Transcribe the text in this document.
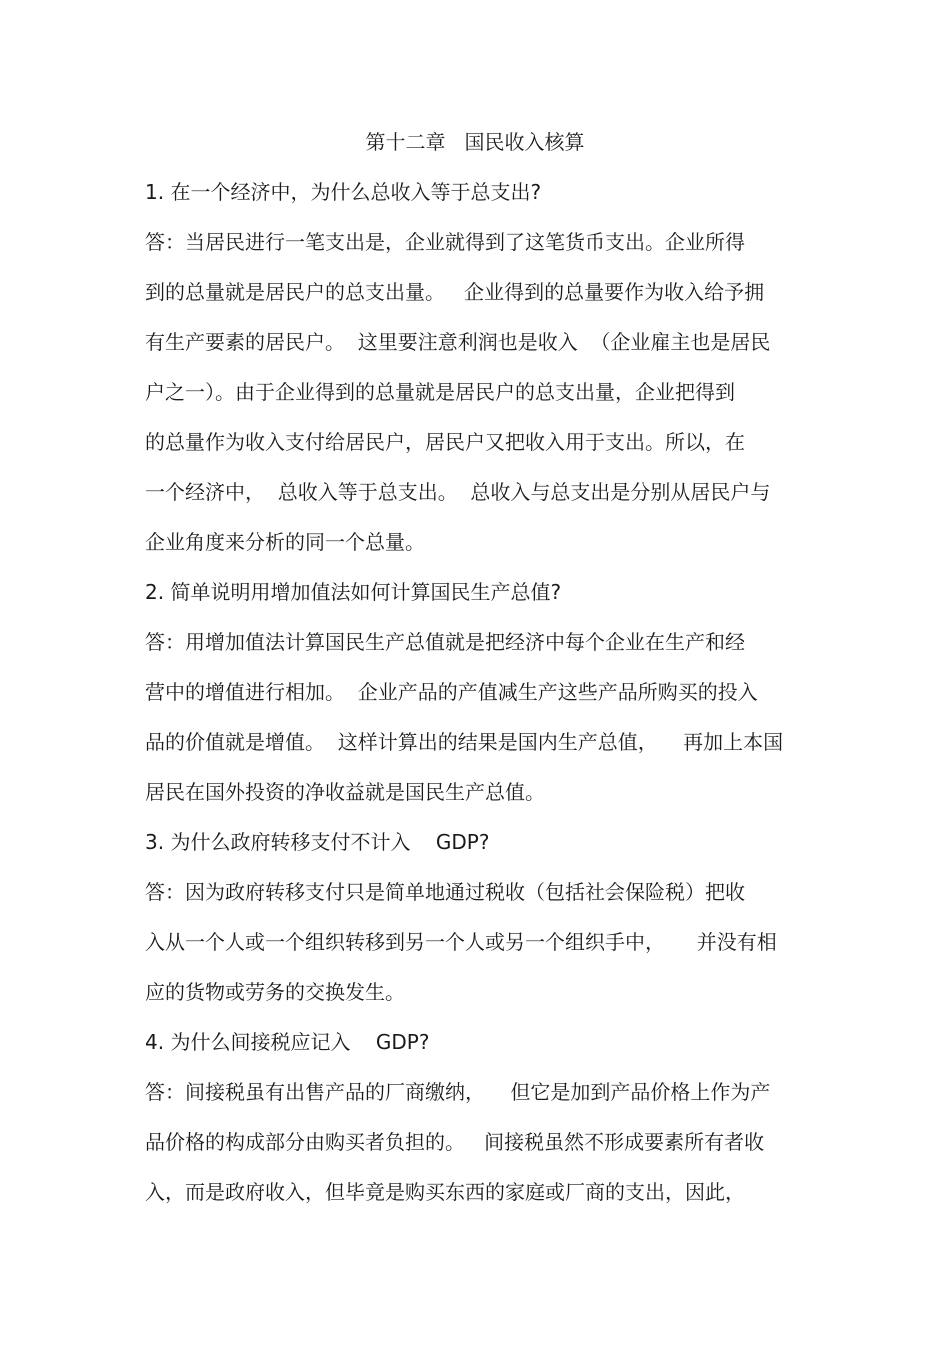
第十二章   国民收入核算
1. 在一个经济中，为什么总收入等于总支出?
答：当居民进行一笔支出是，企业就得到了这笔货币支出。企业所得
到的总量就是居民户的总支出量。   企业得到的总量要作为收入给予拥
有生产要素的居民户。  这里要注意利润也是收入  （企业雇主也是居民
户之一）。由于企业得到的总量就是居民户的总支出量，企业把得到
的总量作为收入支付给居民户，居民户又把收入用于支出。所以，在
一个经济中，  总收入等于总支出。  总收入与总支出是分别从居民户与
企业角度来分析的同一个总量。
2. 简单说明用增加值法如何计算国民生产总值?
答：用增加值法计算国民生产总值就是把经济中每个企业在生产和经
营中的增值进行相加。  企业产品的产值减生产这些产品所购买的投入
品的价值就是增值。  这样计算出的结果是国内生产总值，    再加上本国
居民在国外投资的净收益就是国民生产总值。
3. 为什么政府转移支付不计入    GDP?
答：因为政府转移支付只是简单地通过税收（包括社会保险税）把收
入从一个人或一个组织转移到另一个人或另一个组织手中，     并没有相
应的货物或劳务的交换发生。
4. 为什么间接税应记入    GDP?
答：间接税虽有出售产品的厂商缴纳，    但它是加到产品价格上作为产
品价格的构成部分由购买者负担的。   间接税虽然不形成要素所有者收
入，而是政府收入，但毕竟是购买东西的家庭或厂商的支出，因此，
